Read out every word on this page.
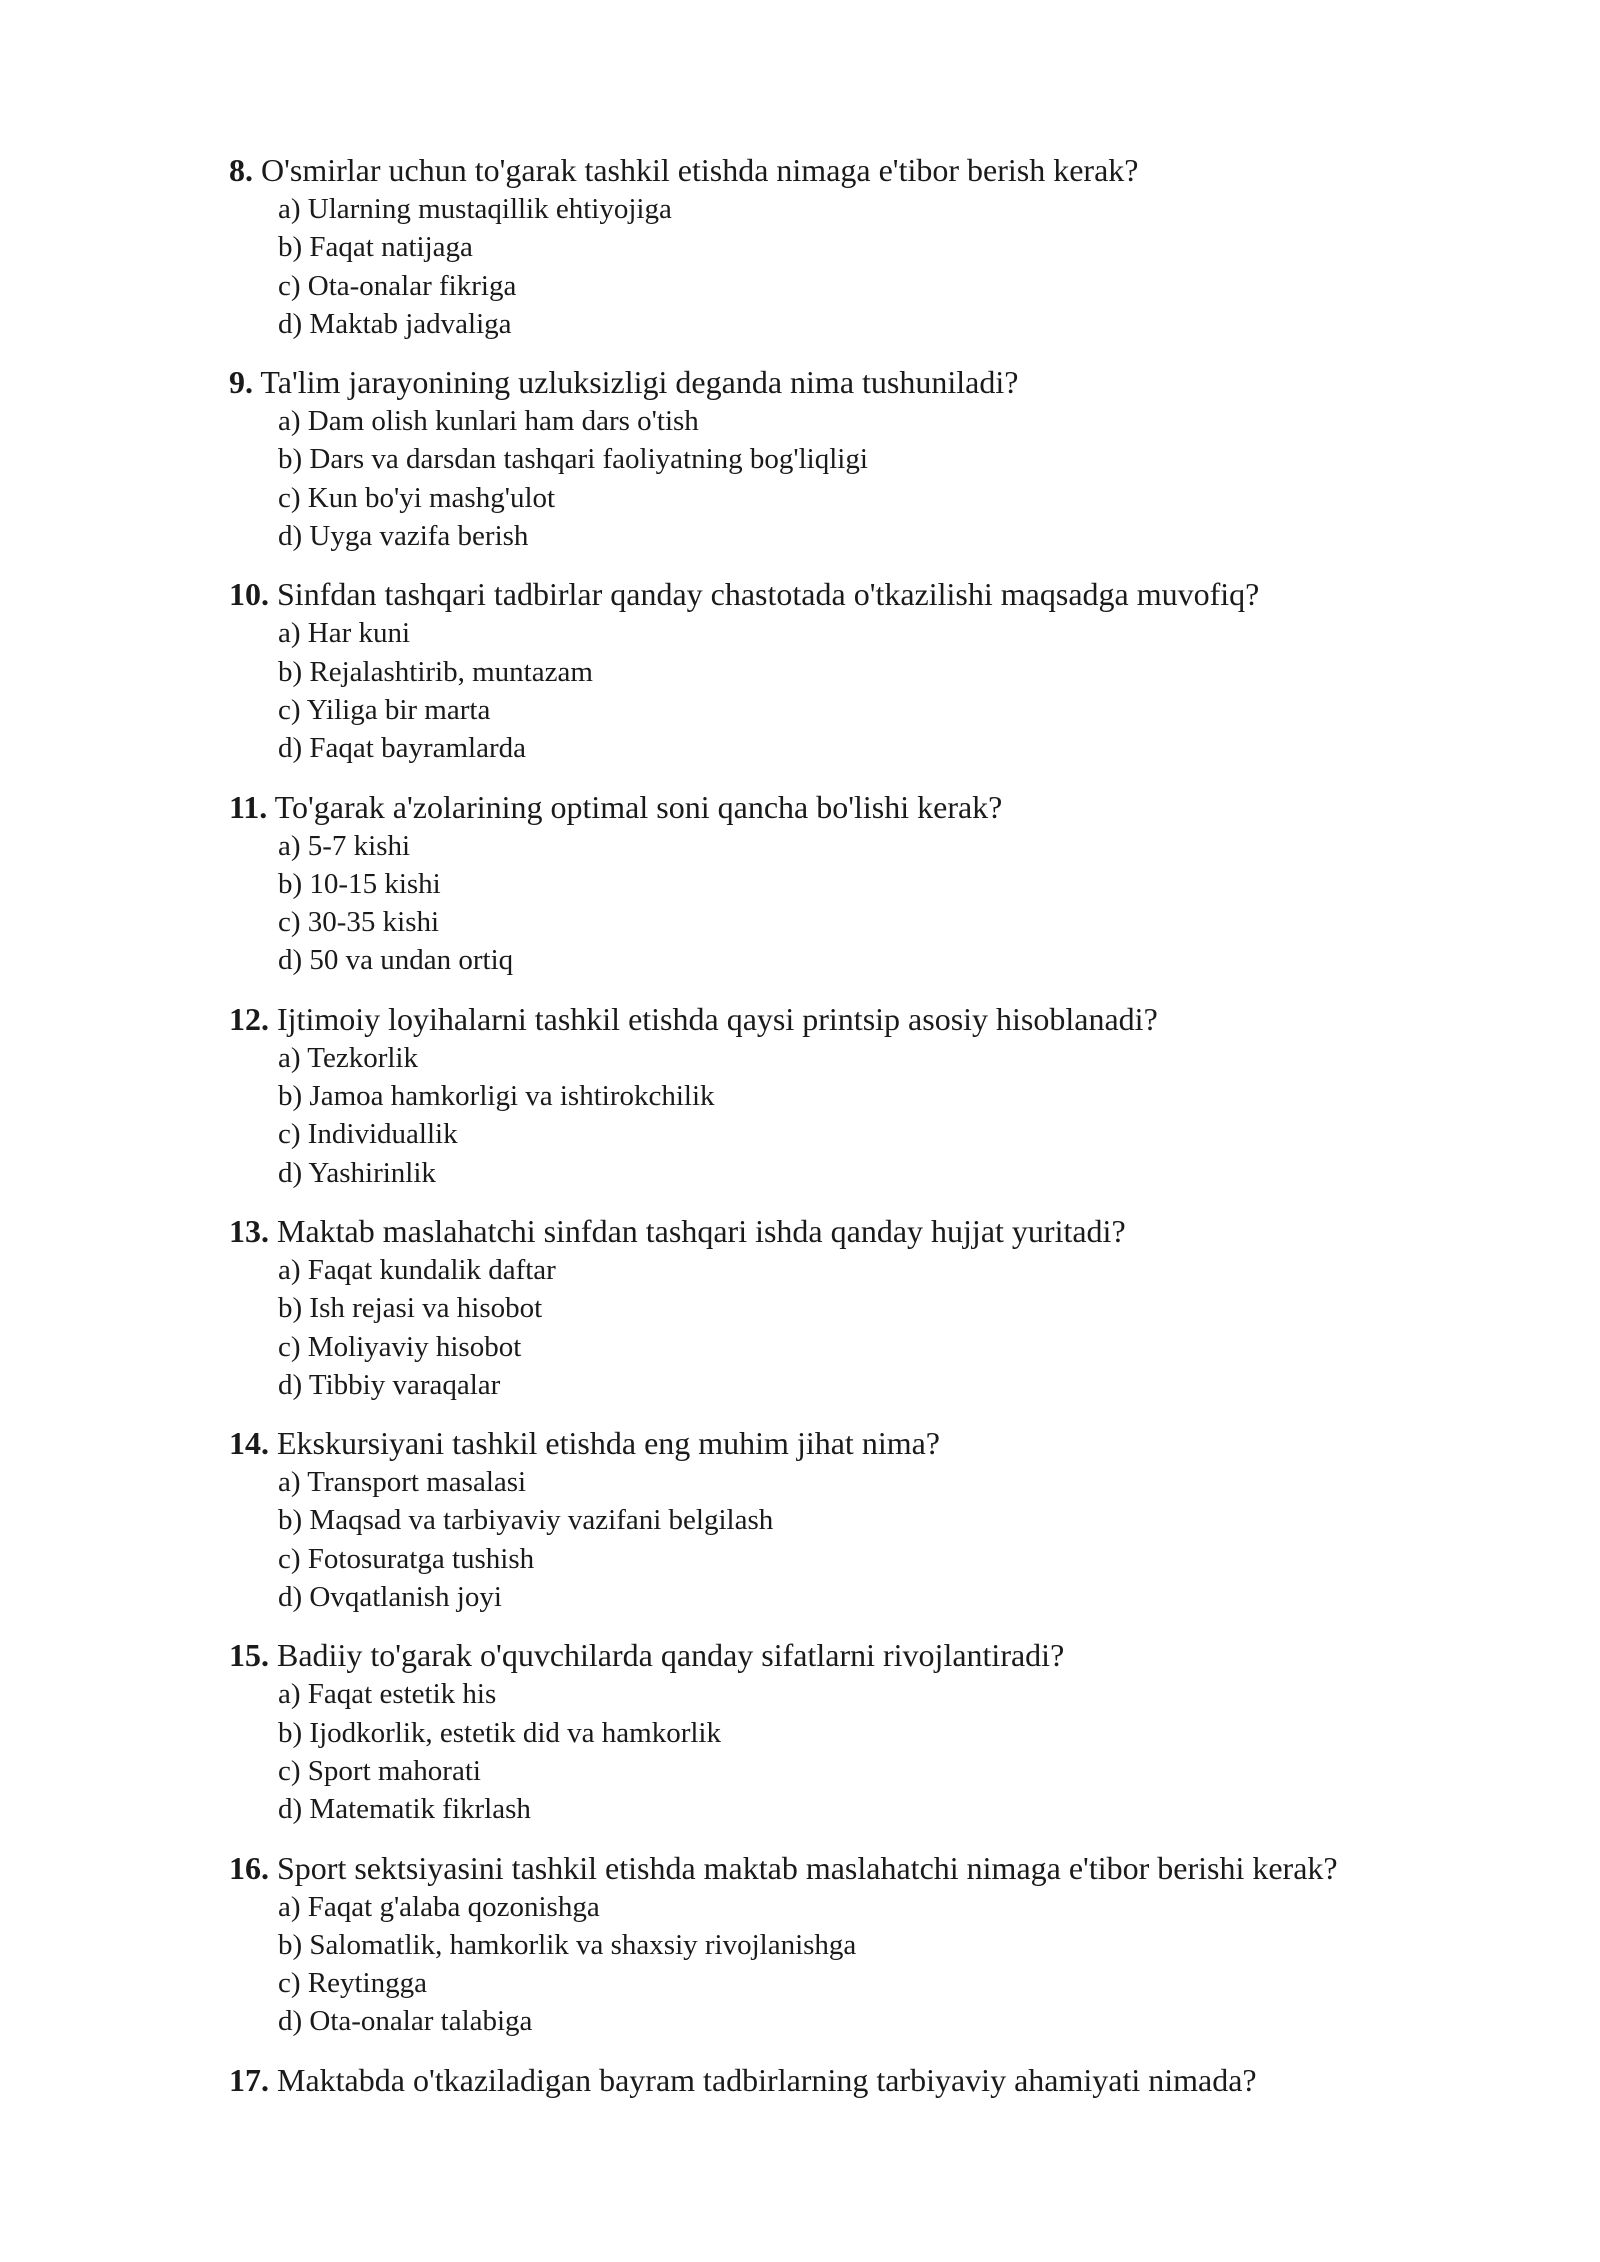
8. O'smirlar uchun to'garak tashkil etishda nimaga e'tibor berish kerak?
a) Ularning mustaqillik ehtiyojiga
b) Faqat natijaga
c) Ota-onalar fikriga
d) Maktab jadvaliga
9. Ta'lim jarayonining uzluksizligi deganda nima tushuniladi?
a) Dam olish kunlari ham dars o'tish
b) Dars va darsdan tashqari faoliyatning bog'liqligi
c) Kun bo'yi mashg'ulot
d) Uyga vazifa berish
10. Sinfdan tashqari tadbirlar qanday chastotada o'tkazilishi maqsadga muvofiq?
a) Har kuni
b) Rejalashtirib, muntazam
c) Yiliga bir marta
d) Faqat bayramlarda
11. To'garak a'zolarining optimal soni qancha bo'lishi kerak?
a) 5-7 kishi
b) 10-15 kishi
c) 30-35 kishi
d) 50 va undan ortiq
12. Ijtimoiy loyihalarni tashkil etishda qaysi printsip asosiy hisoblanadi?
a) Tezkorlik
b) Jamoa hamkorligi va ishtirokchilik
c) Individuallik
d) Yashirinlik
13. Maktab maslahatchi sinfdan tashqari ishda qanday hujjat yuritadi?
a) Faqat kundalik daftar
b) Ish rejasi va hisobot
c) Moliyaviy hisobot
d) Tibbiy varaqalar
14. Ekskursiyani tashkil etishda eng muhim jihat nima?
a) Transport masalasi
b) Maqsad va tarbiyaviy vazifani belgilash
c) Fotosuratga tushish
d) Ovqatlanish joyi
15. Badiiy to'garak o'quvchilarda qanday sifatlarni rivojlantiradi?
a) Faqat estetik his
b) Ijodkorlik, estetik did va hamkorlik
c) Sport mahorati
d) Matematik fikrlash
16. Sport sektsiyasini tashkil etishda maktab maslahatchi nimaga e'tibor berishi kerak?
a) Faqat g'alaba qozonishga
b) Salomatlik, hamkorlik va shaxsiy rivojlanishga
c) Reytingga
d) Ota-onalar talabiga
17. Maktabda o'tkaziladigan bayram tadbirlarning tarbiyaviy ahamiyati nimada?
